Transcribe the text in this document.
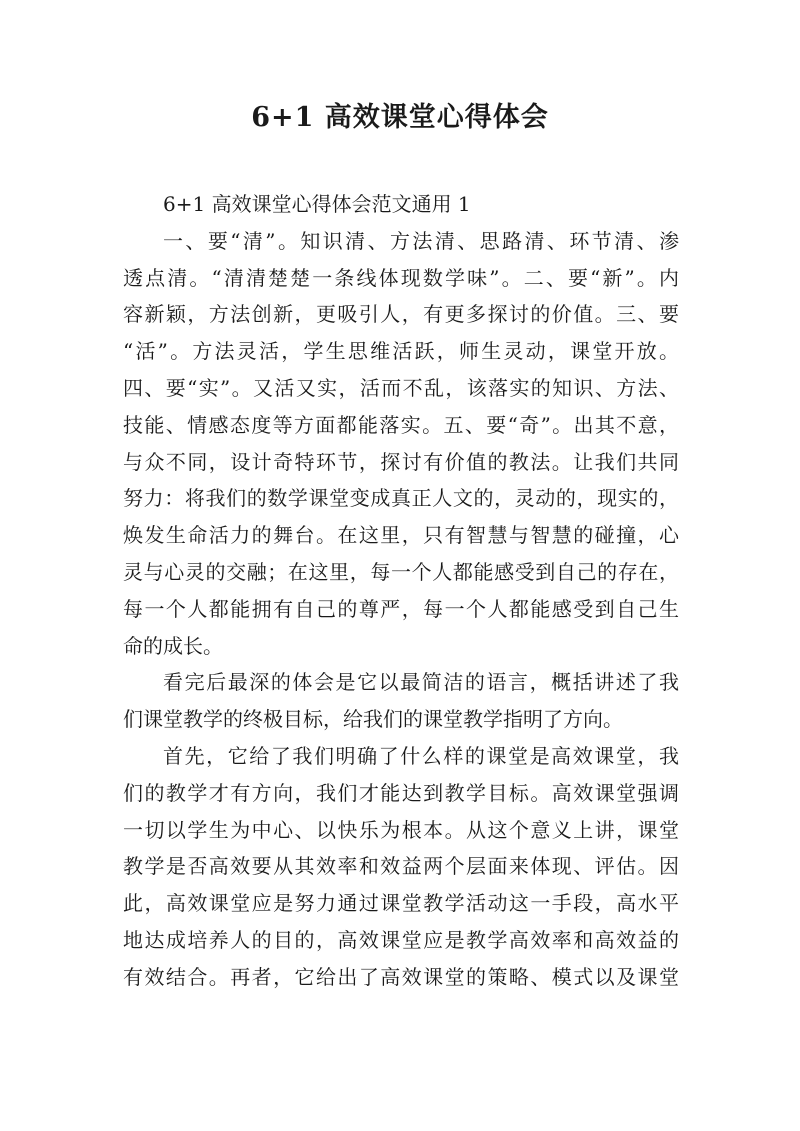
6+1 高效课堂心得体会
6+1 高效课堂心得体会范文通用 1
一、要“清”。知识清、方法清、思路清、环节清、渗
透点清。“清清楚楚一条线体现数学味”。二、要“新”。内
容新颖，方法创新，更吸引人，有更多探讨的价值。三、要
“活”。方法灵活，学生思维活跃，师生灵动，课堂开放。
四、要“实”。又活又实，活而不乱，该落实的知识、方法、
技能、情感态度等方面都能落实。五、要“奇”。出其不意，
与众不同，设计奇特环节，探讨有价值的教法。让我们共同
努力：将我们的数学课堂变成真正人文的，灵动的，现实的，
焕发生命活力的舞台。在这里，只有智慧与智慧的碰撞，心
灵与心灵的交融；在这里，每一个人都能感受到自己的存在，
每一个人都能拥有自己的尊严，每一个人都能感受到自己生
命的成长。
看完后最深的体会是它以最简洁的语言，概括讲述了我
们课堂教学的终极目标，给我们的课堂教学指明了方向。
首先，它给了我们明确了什么样的课堂是高效课堂，我
们的教学才有方向，我们才能达到教学目标。高效课堂强调
一切以学生为中心、以快乐为根本。从这个意义上讲，课堂
教学是否高效要从其效率和效益两个层面来体现、评估。因
此，高效课堂应是努力通过课堂教学活动这一手段，高水平
地达成培养人的目的，高效课堂应是教学高效率和高效益的
有效结合。再者，它给出了高效课堂的策略、模式以及课堂
